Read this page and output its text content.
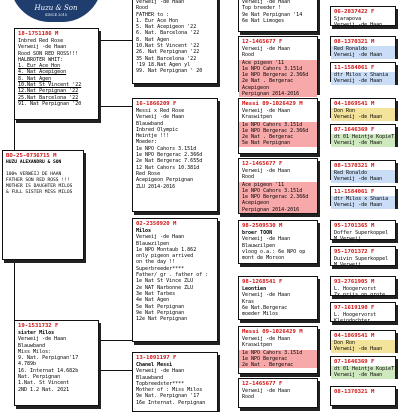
Huzu & Son
SINCE 2015
18-1751186 M
Inbred Red Rose
Verweij -de Haan
Rood SON RED ROSS!!!
HALBROTER WHIT:
1. Eur Ace Hon
4. Nat Acepigeon
8. Nat Agen
10.Nat St Vincent '22
12.Nat Perpignan '22
25.Nat Barcelona '22
91. Nat Perpignan '20
BO-25-0736715 M
HUZU ALEXANDRU & SON

100% VERWEIJ DE HAAN
FATHER SON RED ROSS !!!
MOTHER IS DAUGHTER MILOS
& FULL SISTER MISS MILOS
19-1531732 F
sister Milos
Verweij -de Haan
Blauwband
Miss Milos:
9. Nat. Perpignan'17
4.789b
16. Internat 14.682b
Nat. Perpignan
1.Nat. St Vincent
2ND 1.2 Nat. 2021
Verweij -de Haan
Rood
FATHER to :
1. Eur Ace Hon
5. Nat Acepigeon '22
6. Nat. Barcelona '22
8. Nat Agen
10.Nat St Vincent '22
26. Nat Perpignan '22
35 Nat Barcelona '22
'19 18.Nat Agen yl
99. Nat Perpignan ' 20
16-1866209 F
Messi x Red Rose
Verweij -de Haan
Blauwband
Inbred Olympic
Heintje !!!
Moeder:
1e NPO Cahors 3.151d
1e NPO Bergerac 2.366d
2e Nat Bergerac 7.655d
12 Nat Cahors 10.381d
Red Rose
Acepigeon Perpignan
ZLU 2014-2016
02-2350920 M
Milos
Verweij -de Haan
Blauwzilpen
1e NPO Montaub 1.862
only pigeon arrived
on the day !!
Superbreeder****
Father/ gr . father of :
1e Nat St Vince ZLU
2e NAT Narbonne ZLU
3e Nat Tarbes
4e Nat Agen
5e Nat Perpignan
9e Nat Perpignan
12e Nat Perpignan
13-1091197 F
Chanel Messi
Verweij -de Haan
Blauwband
Topbreedster****
Mother of : Miss Milos
9e Nat. Perpignan '17
16e Internat. Perpignan
Verweij -de Haan
Top breeder !
9e Nat Perpignan '14
6e Nat Limoges
12-1465677 F
Verweij -de Haan
Rood
Ace pigeon '11
1e NPO Cahors 3.151d
1e NPO Bergerac 2.366d
2e Nat . Bergerac
Acepigeon
Perpignan 2014-2016
Messi 09-1026429 M
Verweij -de Haan
Kraswitpen
1e NPO Cahors 3.151d
1e NPO Bergerac 2.366d
2e Nat . Bergerac
5e Nat Perpignan
12-1465677 F
Verweij -de Haan
Rood
Ace pigeon '11
1e NPO Cahors 3.151d
1e NPO Bergerac 2.366d
Acepigeon
Perpignan 2014-2016
98-2509530 M
broer TOON
Verweij -de Haan
Blauwzilpen
vloog o.a.: 6e NPO op
mont de Morson
98-1268541 F
Leontien
Verweij -de Haan
Kras
6e Nat.Bergerac
moeder Milos
Messi 09-1026429 M
Verweij -de Haan
Kraswitpen
1e NPO Cahors 3.151d
1e NPO Bergerac
2e Nat . Bergerac
12-1465677 F
Verweij -de Haan
Rood
06-2037422 F
Sjarapova
Verweij -de Haan
08-1370321 M
Red Ronaldo
Verweij -de Haan
11-1584061 F
dtr Milos x Shania
Verweij -de Haan
04-1869541 M
Don Ron
Verweij -de Haan
07-1646369 F
dt 01 Heintje KopieT
Verweij -de Haan
08-1370321 M
Red Ronaldo
Verweij -de Haan
11-1584061 F
dtr Milos x Shania
Verweij -de Haan
95-1701365 M
Doffer Superkoppel
M.Verweij
95-1701372 F
Duivin Superkoppel
M.Verweij
93-2761905 M
L. Hoogervorst
7x prijs op grote
97-1619190 F
L. Hoogervorst
Kleindochter
04-1869541 M
Don Ron
Verweij -de Haan
07-1646369 F
dt 01 Heintje KopieT
Verweij -de Haan
08-1370321 M
